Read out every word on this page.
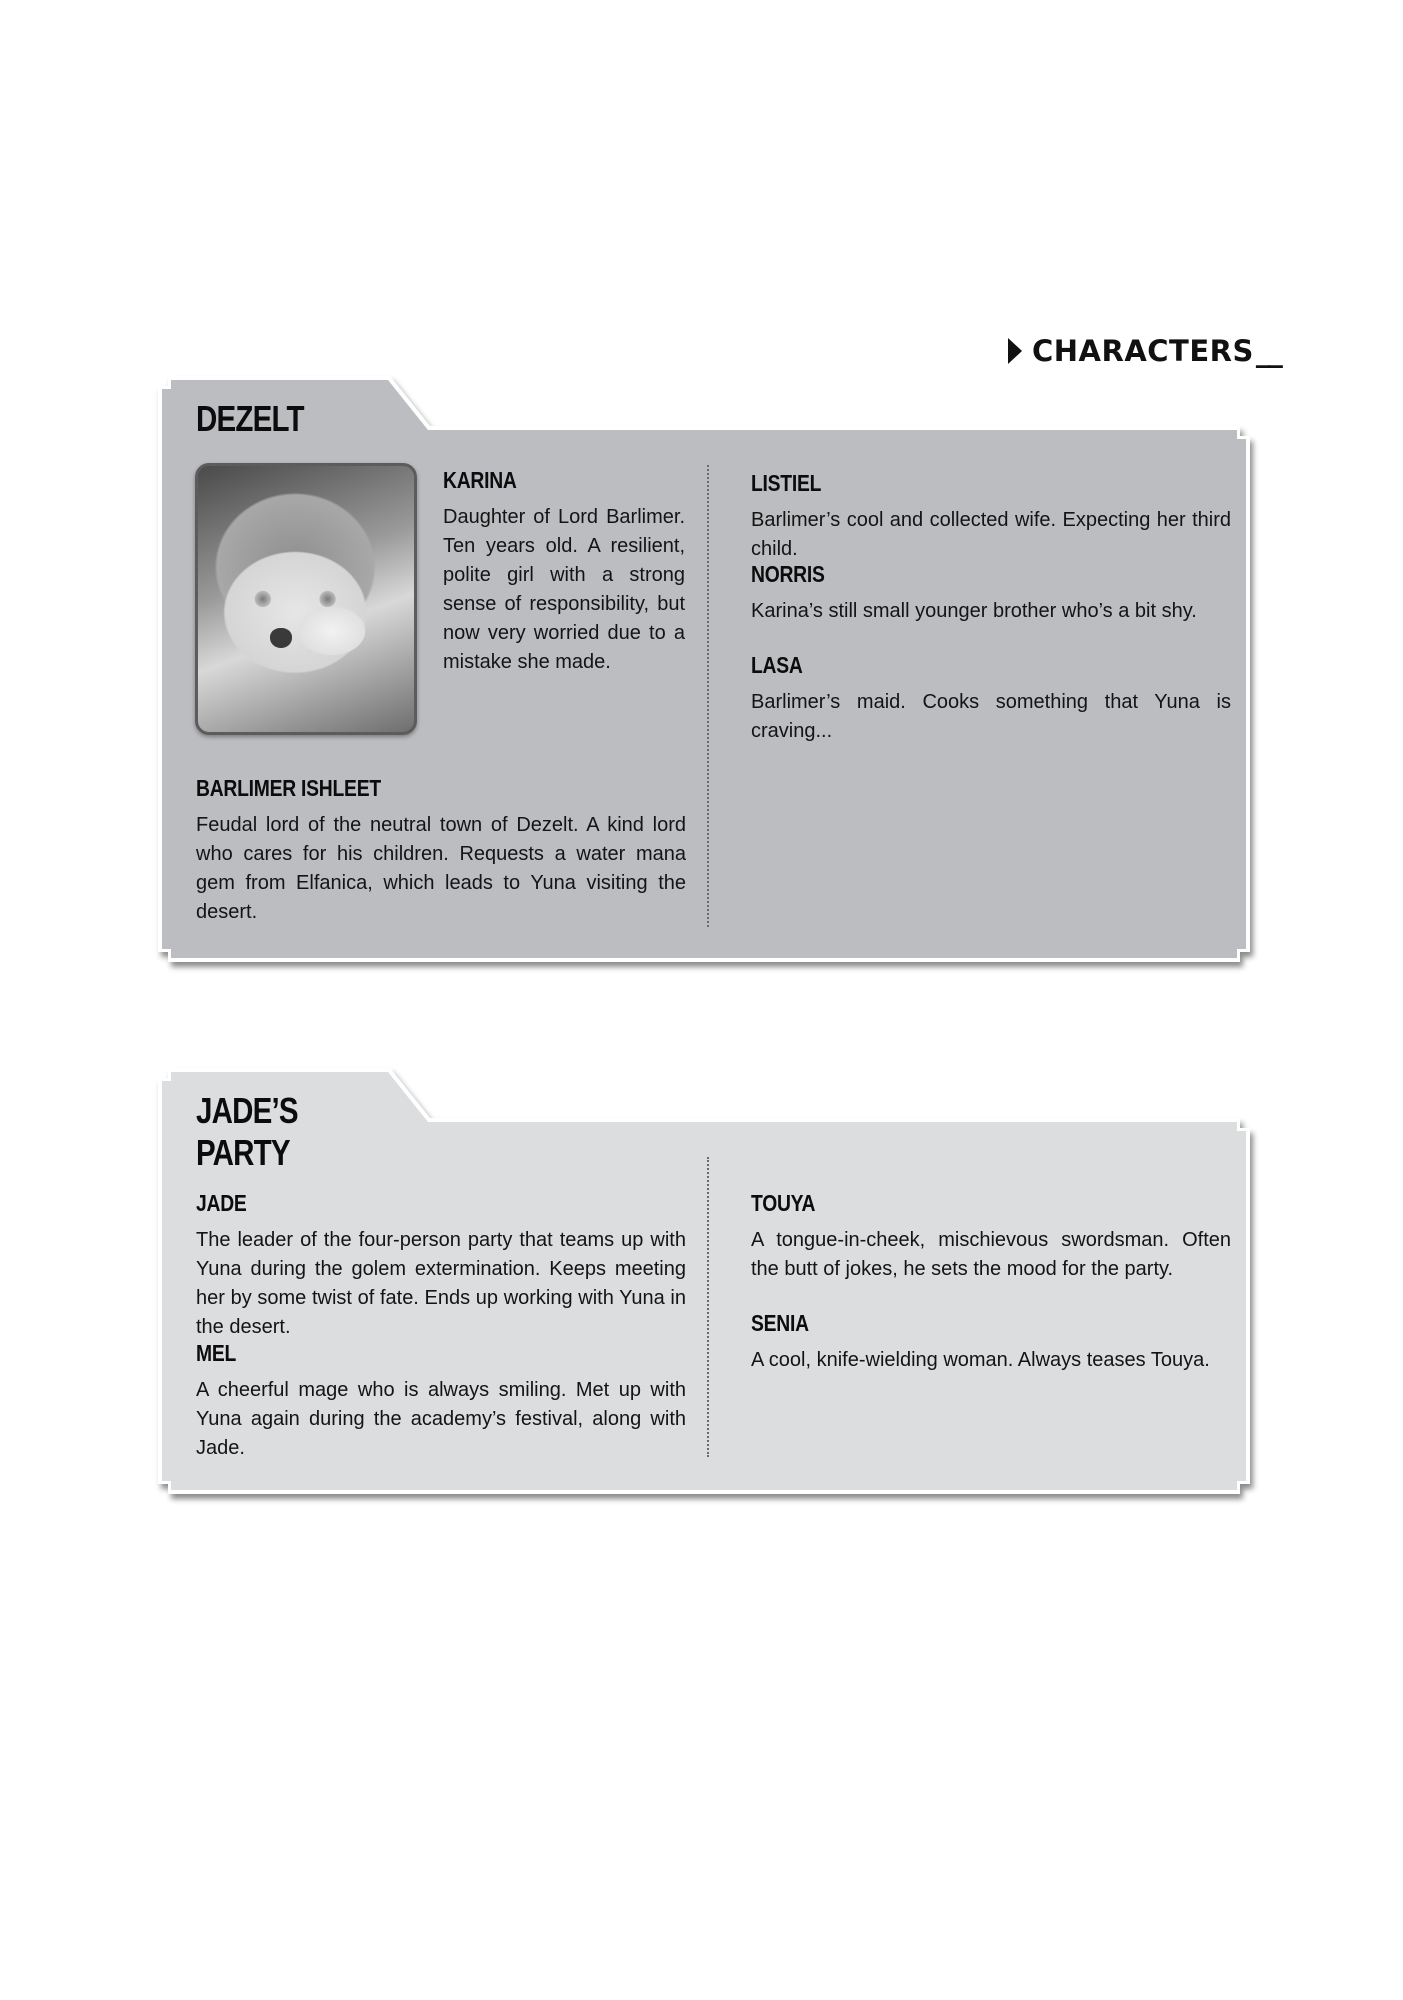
CHARACTERS __
DEZELT
KARINA
Daughter of Lord Barlimer. Ten years old. A resilient, polite girl with a strong sense of responsibility, but now very worried due to a mistake she made.
BARLIMER ISHLEET
Feudal lord of the neutral town of Dezelt. A kind lord who cares for his children. Requests a water mana gem from Elfanica, which leads to Yuna visiting the desert.
LISTIEL
Barlimer’s cool and collected wife. Expecting her third child.
NORRIS
Karina’s still small younger brother who’s a bit shy.
LASA
Barlimer’s maid. Cooks something that Yuna is craving...
JADE’S PARTY
JADE
The leader of the four-person party that teams up with Yuna during the golem extermination. Keeps meeting her by some twist of fate. Ends up working with Yuna in the desert.
MEL
A cheerful mage who is always smiling. Met up with Yuna again during the academy’s festival, along with Jade.
TOUYA
A tongue-in-cheek, mischievous swordsman. Often the butt of jokes, he sets the mood for the party.
SENIA
A cool, knife-wielding woman. Always teases Touya.
